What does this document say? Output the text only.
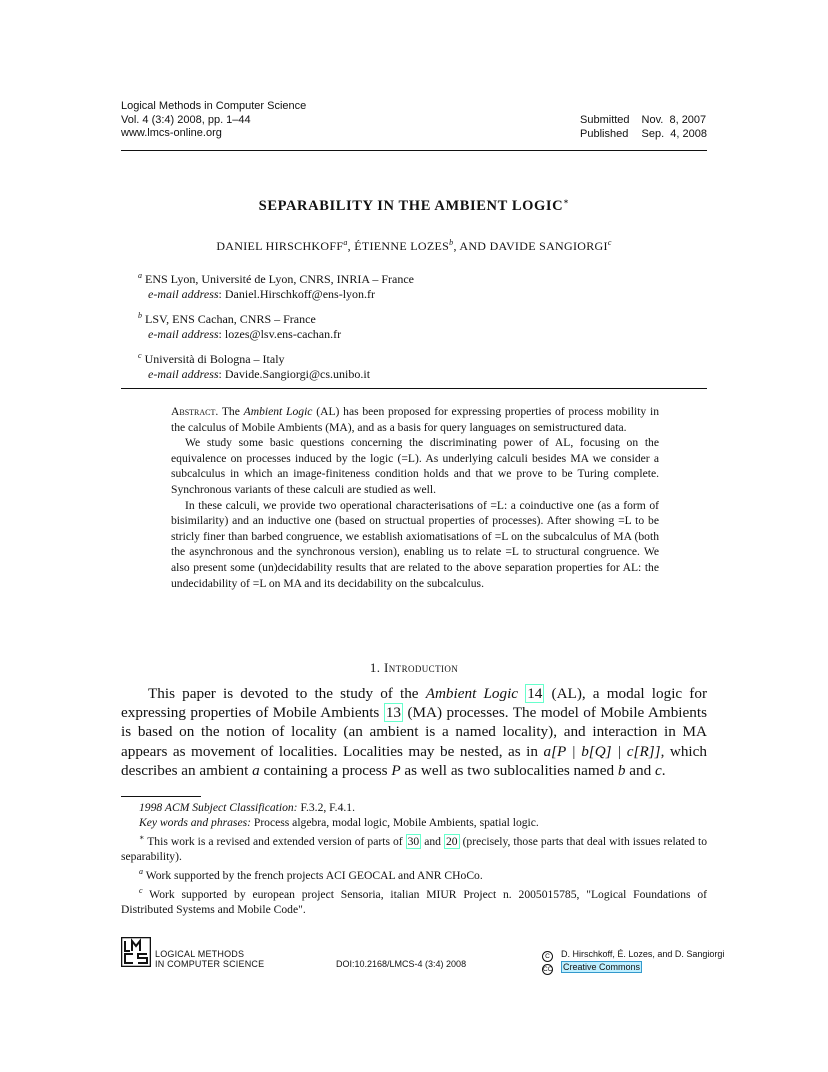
Logical Methods in Computer Science
Vol. 4 (3:4) 2008, pp. 1–44
www.lmcs-online.org
Submitted	Nov.  8, 2007
Published	Sep.  4, 2008
SEPARABILITY IN THE AMBIENT LOGIC∗
DANIEL HIRSCHKOFF$^a$, ÉTIENNE LOZES$^b$, AND DAVIDE SANGIORGI$^c$
$^a$ ENS Lyon, Université de Lyon, CNRS, INRIA – France
e-mail address: Daniel.Hirschkoff@ens-lyon.fr
$^b$ LSV, ENS Cachan, CNRS – France
e-mail address: lozes@lsv.ens-cachan.fr
$^c$ Università di Bologna – Italy
e-mail address: Davide.Sangiorgi@cs.unibo.it

Abstract. The Ambient Logic (AL) has been proposed for expressing properties of process mobility in the calculus of Mobile Ambients (MA), and as a basis for query languages on semistructured data.

We study some basic questions concerning the discriminating power of AL, focusing on the equivalence on processes induced by the logic (=L). As underlying calculi besides MA we consider a subcalculus in which an image-finiteness condition holds and that we prove to be Turing complete. Synchronous variants of these calculi are studied as well.

In these calculi, we provide two operational characterisations of =L: a coinductive one (as a form of bisimilarity) and an inductive one (based on structual properties of processes). After showing =L to be stricly finer than barbed congruence, we establish axiomatisations of =L on the subcalculus of MA (both the asynchronous and the synchronous version), enabling us to relate =L to structural congruence. We also present some (un)decidability results that are related to the above separation properties for AL: the undecidability of =L on MA and its decidability on the subcalculus.

1. Introduction

This paper is devoted to the study of the Ambient Logic 14 (AL), a modal logic for expressing properties of Mobile Ambients 13 (MA) processes. The model of Mobile Ambients is based on the notion of locality (an ambient is a named locality), and interaction in MA appears as movement of localities. Localities may be nested, as in a[P | b[Q] | c[R]], which describes an ambient a containing a process P as well as two sublocalities named b and c.

1998 ACM Subject Classification: F.3.2, F.4.1.

Key words and phrases: Process algebra, modal logic, Mobile Ambients, spatial logic.

∗ This work is a revised and extended version of parts of 30 and 20 (precisely, those parts that deal with issues related to separability).

$^a$ Work supported by the french projects ACI GEOCAL and ANR CHoCo.

$^c$ Work supported by european project Sensoria, italian MIUR Project n. 2005015785, "Logical Foundations of Distributed Systems and Mobile Code".

LOGICAL METHODS
IN COMPUTER SCIENCE	DOI:10.2168/LMCS-4 (3:4) 2008
C D. Hirschkoff, É. Lozes, and D. Sangiorgi
CC Creative Commons
